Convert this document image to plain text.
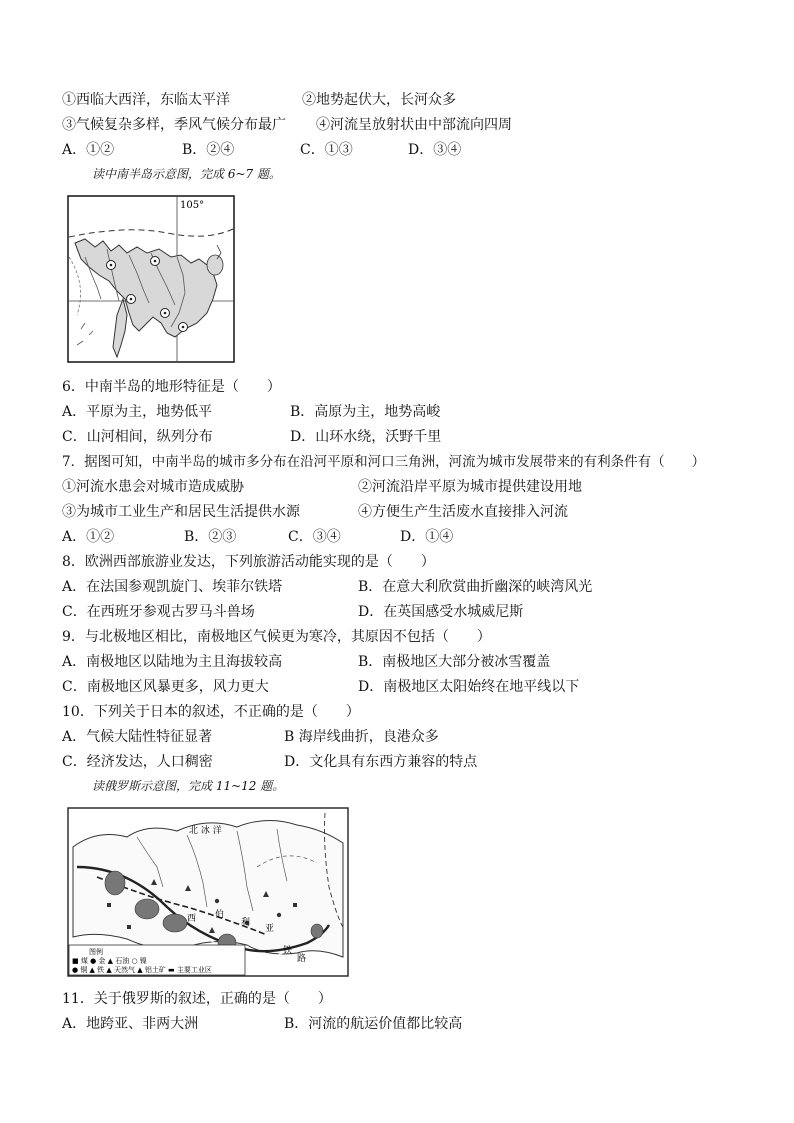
①西临大西洋，东临太平洋	②地势起伏大，长河众多
③气候复杂多样，季风气候分布最广 ④河流呈放射状由中部流向四周
A．①②	B．②④	C．①③	D．③④
读中南半岛示意图，完成 6~7 题。
105°
6．中南半岛的地形特征是（　　）
A．平原为主，地势低平	B．高原为主，地势高峻
C．山河相间，纵列分布	D．山环水绕，沃野千里
7．据图可知，中南半岛的城市多分布在沿河平原和河口三角洲，河流为城市发展带来的有利条件有（　　）
①河流水患会对城市造成威胁	②河流沿岸平原为城市提供建设用地
③为城市工业生产和居民生活提供水源	④方便生产生活废水直接排入河流
A．①②	B．②③	C．③④	D．①④
8．欧洲西部旅游业发达，下列旅游活动能实现的是（　　）
A．在法国参观凯旋门、埃菲尔铁塔	B．在意大利欣赏曲折幽深的峡湾风光
C．在西班牙参观古罗马斗兽场	D．在英国感受水城威尼斯
9．与北极地区相比，南极地区气候更为寒冷，其原因不包括（　　）
A．南极地区以陆地为主且海拔较高	B．南极地区大部分被冰雪覆盖
C．南极地区风暴更多，风力更大	D．南极地区太阳始终在地平线以下
10．下列关于日本的叙述，不正确的是（　　）
A．气候大陆性特征显著	B 海岸线曲折，良港众多
C．经济发达，人口稠密	D．文化具有东西方兼容的特点
读俄罗斯示意图，完成 11~12 题。
北 冰 洋
西 伯
利
亚
铁
路
图例
■ 煤 ● 金 ▲ 石油 ○ 镍
● 铜 ▲ 铁 ▲ 天然气 ▲ 铝土矿 ▬ 主要工业区
11．关于俄罗斯的叙述，正确的是（　　）
A．地跨亚、非两大洲	B．河流的航运价值都比较高
